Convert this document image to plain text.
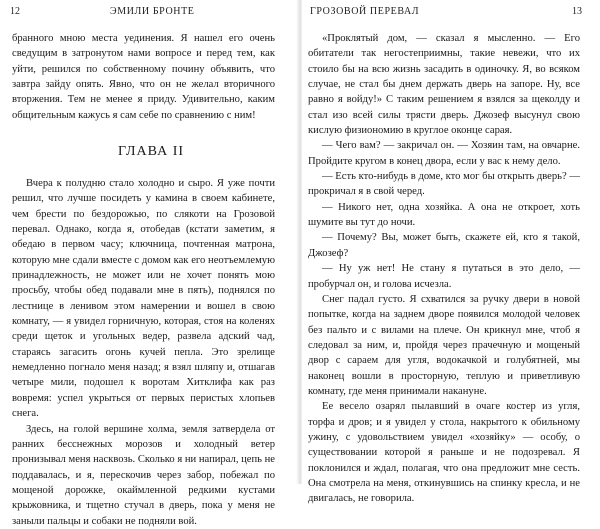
12	ЭМИЛИ БРОНТЕ

бранного мною места уединения. Я нашел его очень сведущим в затронутом нами вопросе и перед тем, как уйти, решился по собственному почину объявить, что завтра зайду опять. Явно, что он не желал вторичного вторжения. Тем не менее я приду. Удивительно, каким общительным кажусь я сам себе по сравнению с ним!

ГЛАВА II

Вчера к полудню стало холодно и сыро. Я уже почти решил, что лучше посидеть у камина в своем кабинете, чем брести по бездорожью, по слякоти на Грозовой перевал. Однако, когда я, отобедав (кстати заметим, я обедаю в первом часу; ключница, почтенная матрона, которую мне сдали вместе с домом как его неотъемлемую принадлежность, не может или не хочет понять мою просьбу, чтобы обед подавали мне в пять), поднялся по лестнице в ленивом этом намерении и вошел в свою комнату, — я увидел горничную, которая, стоя на коленях среди щеток и угольных ведер, развела адский чад, стараясь загасить огонь кучей пепла. Это зрелище немедленно погнало меня назад; я взял шляпу и, отшагав четыре мили, подошел к воротам Хитклифа как раз вовремя: успел укрыться от первых перистых хлопьев снега.

Здесь, на голой вершине холма, земля затвердела от ранних бесснежных морозов и холодный ветер пронизывал меня насквозь. Сколько я ни напирал, цепь не поддавалась, и я, перескочив через забор, побежал по мощеной дорожке, окаймленной редкими кустами крыжовника, и тщетно стучал в дверь, пока у меня не заныли пальцы и собаки не подняли вой.

ГРОЗОВОЙ ПЕРЕВАЛ	13

«Проклятый дом, — сказал я мысленно. — Его обитатели так негостеприимны, такие невежи, что их стоило бы на всю жизнь засадить в одиночку. Я, во всяком случае, не стал бы днем держать дверь на запоре. Ну, все равно я войду!» С таким решением я взялся за щеколду и стал изо всей силы трясти дверь. Джозеф высунул свою кислую физиономию в круглое оконце сарая.

— Чего вам? — закричал он. — Хозяин там, на овчарне. Пройдите кругом в конец двора, если у вас к нему дело.

— Есть кто-нибудь в доме, кто мог бы открыть дверь? — прокричал я в свой черед.

— Никого нет, одна хозяйка. А она не откроет, хоть шумите вы тут до ночи.

— Почему? Вы, может быть, скажете ей, кто я такой, Джозеф?

— Ну уж нет! Не стану я путаться в это дело, — пробурчал он, и голова исчезла.

Снег падал густо. Я схватился за ручку двери в новой попытке, когда на заднем дворе появился молодой человек без пальто и с вилами на плече. Он крикнул мне, чтоб я следовал за ним, и, пройдя через прачечную и мощеный двор с сараем для угля, водокачкой и голубятней, мы наконец вошли в просторную, теплую и приветливую комнату, где меня принимали накануне.

Ее весело озарял пылавший в очаге костер из угля, торфа и дров; и я увидел у стола, накрытого к обильному ужину, с удовольствием увидел «хозяйку» — особу, о существовании которой я раньше и не подозревал. Я поклонился и ждал, полагая, что она предложит мне сесть. Она смотрела на меня, откинувшись на спинку кресла, и не двигалась, не говорила.
